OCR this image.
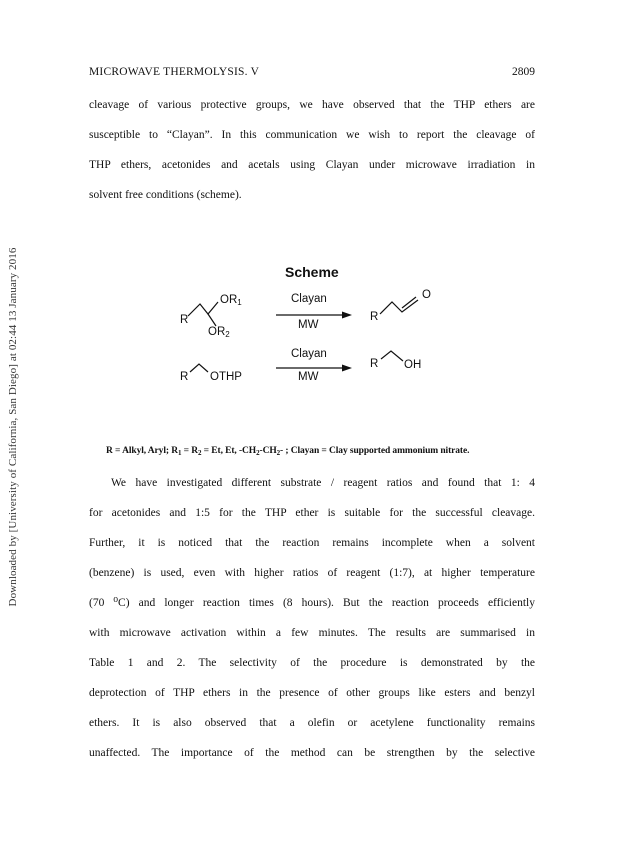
Downloaded by [University of California, San Diego] at 02:44 13 January 2016
MICROWAVE THERMOLYSIS. V	2809
cleavage of various protective groups, we have observed that the THP ethers are
susceptible to “Clayan”. In this communication we wish to report the cleavage of
THP ethers, acetonides and acetals using Clayan under microwave irradiation in
solvent free conditions (scheme).
Scheme
R
$OR_1$
$OR_2$
Clayan
MW
R
O
R OTHP
Clayan
MW
R OH
R = Alkyl, Aryl; $R_1 = R_2 = Et$, Et, $-CH_2-CH_2-$ ; Clayan = Clay supported ammonium nitrate.
We have investigated different substrate / reagent ratios and found that 1: 4
for acetonides and 1:5 for the THP ether is suitable for the successful cleavage.
Further, it is noticed that the reaction remains incomplete when a solvent
(benzene) is used, even with higher ratios of reagent (1:7), at higher temperature
(70 ⁰C) and longer reaction times (8 hours). But the reaction proceeds efficiently
with microwave activation within a few minutes. The results are summarised in
Table 1 and 2. The selectivity of the procedure is demonstrated by the
deprotection of THP ethers in the presence of other groups like esters and benzyl
ethers. It is also observed that a olefin or acetylene functionality remains
unaffected. The importance of the method can be strengthen by the selective
